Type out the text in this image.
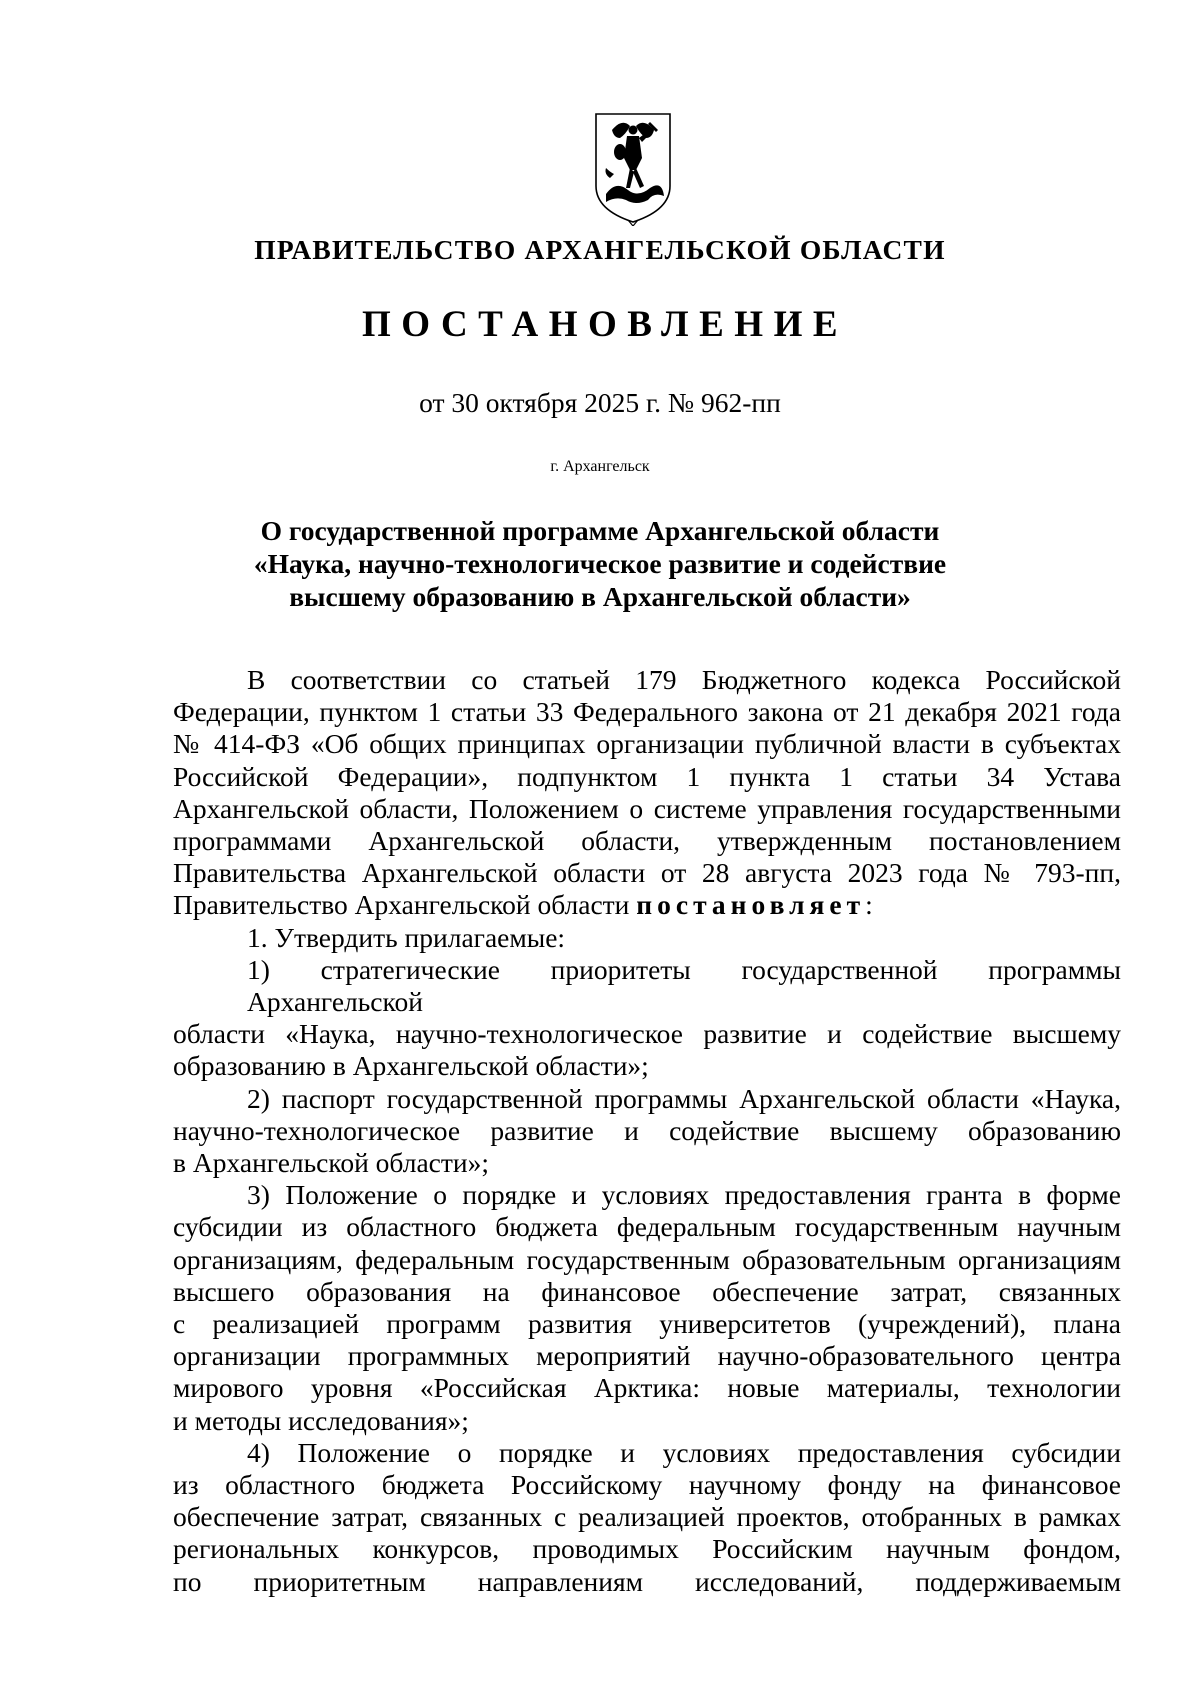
ПРАВИТЕЛЬСТВО АРХАНГЕЛЬСКОЙ ОБЛАСТИ
ПОСТАНОВЛЕНИЕ
от 30 октября 2025 г. № 962-пп
г. Архангельск
О государственной программе Архангельской области
«Наука, научно-технологическое развитие и содействие
высшему образованию в Архангельской области»
В соответствии со статьей 179 Бюджетного кодекса Российской
Федерации, пунктом 1 статьи 33 Федерального закона от 21 декабря 2021 года
№ 414-ФЗ «Об общих принципах организации публичной власти в субъектах
Российской Федерации», подпунктом 1 пункта 1 статьи 34 Устава
Архангельской области, Положением о системе управления государственными
программами Архангельской области, утвержденным постановлением
Правительства Архангельской области от 28 августа 2023 года № 793-пп,
Правительство Архангельской области постановляет:
1. Утвердить прилагаемые:
1) стратегические приоритеты государственной программы Архангельской
области «Наука, научно-технологическое развитие и содействие высшему
образованию в Архангельской области»;
2) паспорт государственной программы Архангельской области «Наука,
научно-технологическое развитие и содействие высшему образованию
в Архангельской области»;
3) Положение о порядке и условиях предоставления гранта в форме
субсидии из областного бюджета федеральным государственным научным
организациям, федеральным государственным образовательным организациям
высшего образования на финансовое обеспечение затрат, связанных
с реализацией программ развития университетов (учреждений), плана
организации программных мероприятий научно-образовательного центра
мирового уровня «Российская Арктика: новые материалы, технологии
и методы исследования»;
4) Положение о порядке и условиях предоставления субсидии
из областного бюджета Российскому научному фонду на финансовое
обеспечение затрат, связанных с реализацией проектов, отобранных в рамках
региональных конкурсов, проводимых Российским научным фондом,
по приоритетным направлениям исследований, поддерживаемым
